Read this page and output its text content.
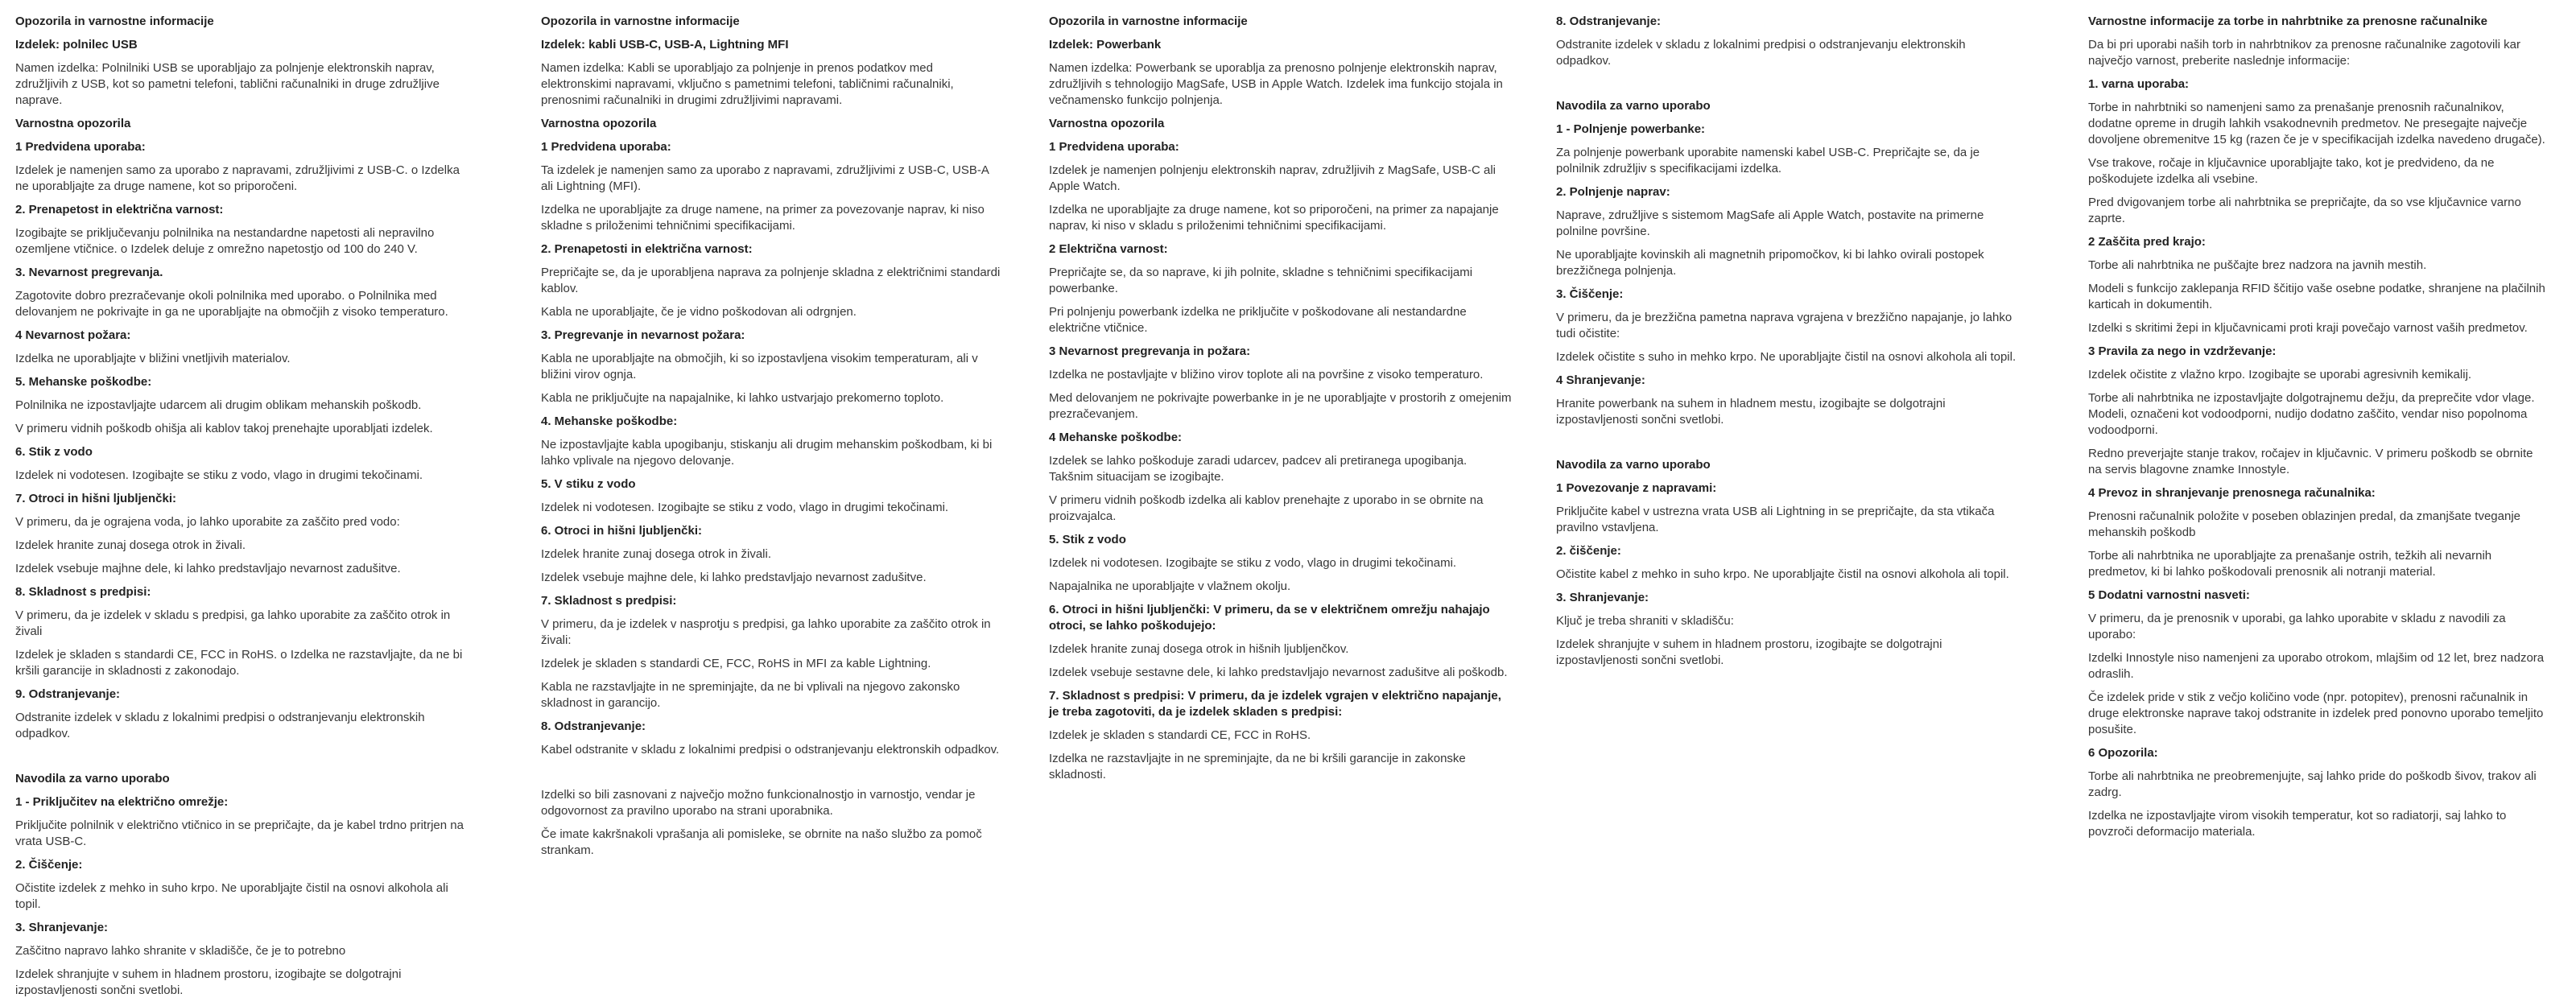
Opozorila in varnostne informacije
Izdelek: polnilec USB

Namen izdelka: Polnilniki USB se uporabljajo za polnjenje elektronskih naprav, združljivih z USB, kot so pametni telefoni, tablični računalniki in druge združljive naprave.

Varnostna opozorila
1 Predvidena uporaba:

Izdelek je namenjen samo za uporabo z napravami, združljivimi z USB-C. o Izdelka ne uporabljajte za druge namene, kot so priporočeni.

2. Prenapetost in električna varnost:

Izogibajte se priključevanju polnilnika na nestandardne napetosti ali nepravilno ozemljene vtičnice. o Izdelek deluje z omrežno napetostjo od 100 do 240 V.

3. Nevarnost pregrevanja.

Zagotovite dobro prezračevanje okoli polnilnika med uporabo. o Polnilnika med delovanjem ne pokrivajte in ga ne uporabljajte na območjih z visoko temperaturo.

4 Nevarnost požara:

Izdelka ne uporabljajte v bližini vnetljivih materialov.

5. Mehanske poškodbe:

Polnilnika ne izpostavljajte udarcem ali drugim oblikam mehanskih poškodb.

V primeru vidnih poškodb ohišja ali kablov takoj prenehajte uporabljati izdelek.

6. Stik z vodo

Izdelek ni vodotesen. Izogibajte se stiku z vodo, vlago in drugimi tekočinami.

7. Otroci in hišni ljubljenčki:

V primeru, da je ograjena voda, jo lahko uporabite za zaščito pred vodo:

Izdelek hranite zunaj dosega otrok in živali.

Izdelek vsebuje majhne dele, ki lahko predstavljajo nevarnost zadušitve.

8. Skladnost s predpisi:

V primeru, da je izdelek v skladu s predpisi, ga lahko uporabite za zaščito otrok in živali

Izdelek je skladen s standardi CE, FCC in RoHS. o Izdelka ne razstavljajte, da ne bi kršili garancije in skladnosti z zakonodajo.

9. Odstranjevanje:

Odstranite izdelek v skladu z lokalnimi predpisi o odstranjevanju elektronskih odpadkov.

Navodila za varno uporabo
1 - Priključitev na električno omrežje:

Priključite polnilnik v električno vtičnico in se prepričajte, da je kabel trdno pritrjen na vrata USB-C.

2. Čiščenje:

Očistite izdelek z mehko in suho krpo. Ne uporabljajte čistil na osnovi alkohola ali topil.

3. Shranjevanje:

Zaščitno napravo lahko shranite v skladišče, če je to potrebno

Izdelek shranjujte v suhem in hladnem prostoru, izogibajte se dolgotrajni izpostavljenosti sončni svetlobi.

Opozorila in varnostne informacije
Izdelek: kabli USB-C, USB-A, Lightning MFI

Namen izdelka: Kabli se uporabljajo za polnjenje in prenos podatkov med elektronskimi napravami, vključno s pametnimi telefoni, tabličnimi računalniki, prenosnimi računalniki in drugimi združljivimi napravami.

Varnostna opozorila
1 Predvidena uporaba:

Ta izdelek je namenjen samo za uporabo z napravami, združljivimi z USB-C, USB-A ali Lightning (MFI).

Izdelka ne uporabljajte za druge namene, na primer za povezovanje naprav, ki niso skladne s priloženimi tehničnimi specifikacijami.

2. Prenapetosti in električna varnost:

Prepričajte se, da je uporabljena naprava za polnjenje skladna z električnimi standardi kablov.

Kabla ne uporabljajte, če je vidno poškodovan ali odrgnjen.

3. Pregrevanje in nevarnost požara:

Kabla ne uporabljajte na območjih, ki so izpostavljena visokim temperaturam, ali v bližini virov ognja.

Kabla ne priključujte na napajalnike, ki lahko ustvarjajo prekomerno toploto.

4. Mehanske poškodbe:

Ne izpostavljajte kabla upogibanju, stiskanju ali drugim mehanskim poškodbam, ki bi lahko vplivale na njegovo delovanje.

5. V stiku z vodo

Izdelek ni vodotesen. Izogibajte se stiku z vodo, vlago in drugimi tekočinami.

6. Otroci in hišni ljubljenčki:

Izdelek hranite zunaj dosega otrok in živali.

Izdelek vsebuje majhne dele, ki lahko predstavljajo nevarnost zadušitve.

7. Skladnost s predpisi:

V primeru, da je izdelek v nasprotju s predpisi, ga lahko uporabite za zaščito otrok in živali:

Izdelek je skladen s standardi CE, FCC, RoHS in MFI za kable Lightning.

Kabla ne razstavljajte in ne spreminjajte, da ne bi vplivali na njegovo zakonsko skladnost in garancijo.

8. Odstranjevanje:

Kabel odstranite v skladu z lokalnimi predpisi o odstranjevanju elektronskih odpadkov.

Izdelki so bili zasnovani z največjo možno funkcionalnostjo in varnostjo, vendar je odgovornost za pravilno uporabo na strani uporabnika.

Če imate kakršnakoli vprašanja ali pomisleke, se obrnite na našo službo za pomoč strankam.

Opozorila in varnostne informacije
Izdelek: Powerbank

Namen izdelka: Powerbank se uporablja za prenosno polnjenje elektronskih naprav, združljivih s tehnologijo MagSafe, USB in Apple Watch. Izdelek ima funkcijo stojala in večnamensko funkcijo polnjenja.

Varnostna opozorila
1 Predvidena uporaba:

Izdelek je namenjen polnjenju elektronskih naprav, združljivih z MagSafe, USB-C ali Apple Watch.

Izdelka ne uporabljajte za druge namene, kot so priporočeni, na primer za napajanje naprav, ki niso v skladu s priloženimi tehničnimi specifikacijami.

2 Električna varnost:

Prepričajte se, da so naprave, ki jih polnite, skladne s tehničnimi specifikacijami powerbanke.

Pri polnjenju powerbank izdelka ne priključite v poškodovane ali nestandardne električne vtičnice.

3 Nevarnost pregrevanja in požara:

Izdelka ne postavljajte v bližino virov toplote ali na površine z visoko temperaturo.

Med delovanjem ne pokrivajte powerbanke in je ne uporabljajte v prostorih z omejenim prezračevanjem.

4 Mehanske poškodbe:

Izdelek se lahko poškoduje zaradi udarcev, padcev ali pretiranega upogibanja. Takšnim situacijam se izogibajte.

V primeru vidnih poškodb izdelka ali kablov prenehajte z uporabo in se obrnite na proizvajalca.

5. Stik z vodo

Izdelek ni vodotesen. Izogibajte se stiku z vodo, vlago in drugimi tekočinami.

Napajalnika ne uporabljajte v vlažnem okolju.

6. Otroci in hišni ljubljenčki: V primeru, da se v električnem omrežju nahajajo otroci, se lahko poškodujejo:

Izdelek hranite zunaj dosega otrok in hišnih ljubljenčkov.

Izdelek vsebuje sestavne dele, ki lahko predstavljajo nevarnost zadušitve ali poškodb.

7. Skladnost s predpisi: V primeru, da je izdelek vgrajen v električno napajanje, je treba zagotoviti, da je izdelek skladen s predpisi:

Izdelek je skladen s standardi CE, FCC in RoHS.

Izdelka ne razstavljajte in ne spreminjajte, da ne bi kršili garancije in zakonske skladnosti.

8. Odstranjevanje:

Odstranite izdelek v skladu z lokalnimi predpisi o odstranjevanju elektronskih odpadkov.

Navodila za varno uporabo
1 - Polnjenje powerbanke:

Za polnjenje powerbank uporabite namenski kabel USB-C. Prepričajte se, da je polnilnik združljiv s specifikacijami izdelka.

2. Polnjenje naprav:

Naprave, združljive s sistemom MagSafe ali Apple Watch, postavite na primerne polnilne površine.

Ne uporabljajte kovinskih ali magnetnih pripomočkov, ki bi lahko ovirali postopek brezžičnega polnjenja.

3. Čiščenje:

V primeru, da je brezžična pametna naprava vgrajena v brezžično napajanje, jo lahko tudi očistite:

Izdelek očistite s suho in mehko krpo. Ne uporabljajte čistil na osnovi alkohola ali topil.

4 Shranjevanje:

Hranite powerbank na suhem in hladnem mestu, izogibajte se dolgotrajni izpostavljenosti sončni svetlobi.

Navodila za varno uporabo
1 Povezovanje z napravami:

Priključite kabel v ustrezna vrata USB ali Lightning in se prepričajte, da sta vtikača pravilno vstavljena.

2. čiščenje:

Očistite kabel z mehko in suho krpo. Ne uporabljajte čistil na osnovi alkohola ali topil.

3. Shranjevanje:

Ključ je treba shraniti v skladišču:

Izdelek shranjujte v suhem in hladnem prostoru, izogibajte se dolgotrajni izpostavljenosti sončni svetlobi.

Varnostne informacije za torbe in nahrbtnike za prenosne računalnike

Da bi pri uporabi naših torb in nahrbtnikov za prenosne računalnike zagotovili kar največjo varnost, preberite naslednje informacije:

1. varna uporaba:

Torbe in nahrbtniki so namenjeni samo za prenašanje prenosnih računalnikov, dodatne opreme in drugih lahkih vsakodnevnih predmetov. Ne presegajte največje dovoljene obremenitve 15 kg (razen če je v specifikacijah izdelka navedeno drugače).

Vse trakove, ročaje in ključavnice uporabljajte tako, kot je predvideno, da ne poškodujete izdelka ali vsebine.

Pred dvigovanjem torbe ali nahrbtnika se prepričajte, da so vse ključavnice varno zaprte.

2 Zaščita pred krajo:

Torbe ali nahrbtnika ne puščajte brez nadzora na javnih mestih.

Modeli s funkcijo zaklepanja RFID ščitijo vaše osebne podatke, shranjene na plačilnih karticah in dokumentih.

Izdelki s skritimi žepi in ključavnicami proti kraji povečajo varnost vaših predmetov.

3 Pravila za nego in vzdrževanje:

Izdelek očistite z vlažno krpo. Izogibajte se uporabi agresivnih kemikalij.

Torbe ali nahrbtnika ne izpostavljajte dolgotrajnemu dežju, da preprečite vdor vlage. Modeli, označeni kot vodoodporni, nudijo dodatno zaščito, vendar niso popolnoma vodoodporni.

Redno preverjajte stanje trakov, ročajev in ključavnic. V primeru poškodb se obrnite na servis blagovne znamke Innostyle.

4 Prevoz in shranjevanje prenosnega računalnika:

Prenosni računalnik položite v poseben oblazinjen predal, da zmanjšate tveganje mehanskih poškodb

Torbe ali nahrbtnika ne uporabljajte za prenašanje ostrih, težkih ali nevarnih predmetov, ki bi lahko poškodovali prenosnik ali notranji material.

5 Dodatni varnostni nasveti:

V primeru, da je prenosnik v uporabi, ga lahko uporabite v skladu z navodili za uporabo:

Izdelki Innostyle niso namenjeni za uporabo otrokom, mlajšim od 12 let, brez nadzora odraslih.

Če izdelek pride v stik z večjo količino vode (npr. potopitev), prenosni računalnik in druge elektronske naprave takoj odstranite in izdelek pred ponovno uporabo temeljito posušite.

6 Opozorila:

Torbe ali nahrbtnika ne preobremenjujte, saj lahko pride do poškodb šivov, trakov ali zadrg.

Izdelka ne izpostavljajte virom visokih temperatur, kot so radiatorji, saj lahko to povzroči deformacijo materiala.
